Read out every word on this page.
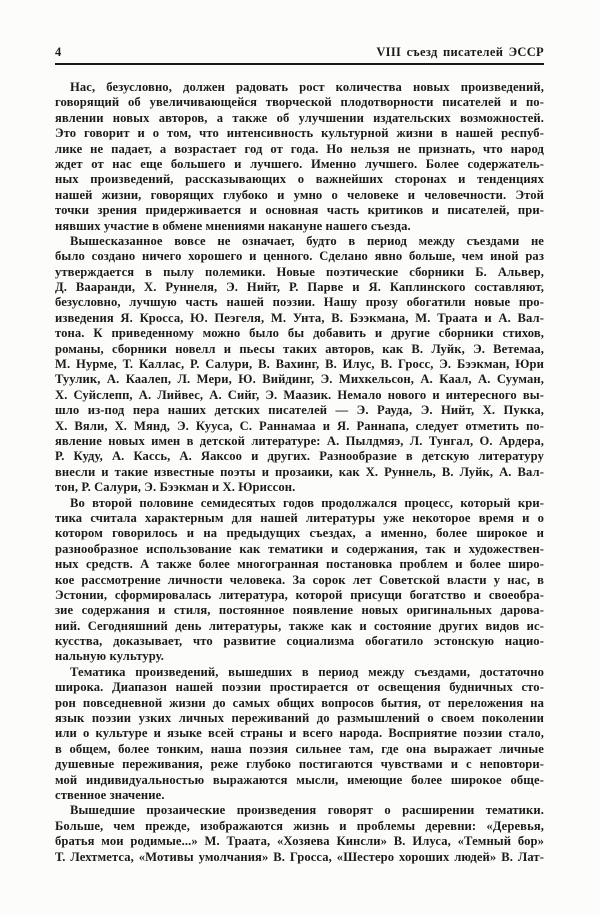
4	VIII съезд писателей ЭССР

Нас, безусловно, должен радовать рост количества новых произведений,
говорящий об увеличивающейся творческой плодотворности писателей и по-
явлении новых авторов, а также об улучшении издательских возможностей.
Это говорит и о том, что интенсивность культурной жизни в нашей респуб-
лике не падает, а возрастает год от года. Но нельзя не признать, что народ
ждет от нас еще большего и лучшего. Именно лучшего. Более содержатель-
ных произведений, рассказывающих о важнейших сторонах и тенденциях
нашей жизни, говорящих глубоко и умно о человеке и человечности. Этой
точки зрения придерживается и основная часть критиков и писателей, при-
нявших участие в обмене мнениями накануне нашего съезда.

Вышесказанное вовсе не означает, будто в период между съездами не
было создано ничего хорошего и ценного. Сделано явно больше, чем иной раз
утверждается в пылу полемики. Новые поэтические сборники Б. Альвер,
Д. Вааранди, Х. Руннеля, Э. Нийт, Р. Парве и Я. Каплинского составляют,
безусловно, лучшую часть нашей поэзии. Нашу прозу обогатили новые про-
изведения Я. Кросса, Ю. Пеэгеля, М. Унта, В. Бээкмана, М. Траата и А. Вал-
тона. К приведенному можно было бы добавить и другие сборники стихов,
романы, сборники новелл и пьесы таких авторов, как В. Луйк, Э. Ветемаа,
М. Нурме, Т. Каллас, Р. Салури, В. Вахинг, В. Илус, В. Гросс, Э. Бээкман, Юри
Туулик, А. Каалеп, Л. Мери, Ю. Вийдинг, Э. Михкельсон, А. Каал, А. Сууман,
Х. Суйслепп, А. Лийвес, А. Сийг, Э. Маазик. Немало нового и интересного вы-
шло из-под пера наших детских писателей — Э. Рауда, Э. Нийт, Х. Пукка,
Х. Вяли, Х. Мянд, Э. Кууса, С. Раннамаа и Я. Раннапа, следует отметить по-
явление новых имен в детской литературе: А. Пылдмяэ, Л. Тунгал, О. Ардера,
Р. Куду, А. Кассь, А. Яаксоо и других. Разнообразие в детскую литературу
внесли и такие известные поэты и прозаики, как Х. Руннель, В. Луйк, А. Вал-
тон, Р. Салури, Э. Бээкман и Х. Юриссон.

Во второй половине семидесятых годов продолжался процесс, который кри-
тика считала характерным для нашей литературы уже некоторое время и о
котором говорилось и на предыдущих съездах, а именно, более широкое и
разнообразное использование как тематики и содержания, так и художествен-
ных средств. А также более многогранная постановка проблем и более широ-
кое рассмотрение личности человека. За сорок лет Советской власти у нас, в
Эстонии, сформировалась литература, которой присущи богатство и своеобра-
зие содержания и стиля, постоянное появление новых оригинальных дарова-
ний. Сегодняшний день литературы, также как и состояние других видов ис-
кусства, доказывает, что развитие социализма обогатило эстонскую нацио-
нальную культуру.

Тематика произведений, вышедших в период между съездами, достаточно
широка. Диапазон нашей поэзии простирается от освещения будничных сто-
рон повседневной жизни до самых общих вопросов бытия, от переложения на
язык поэзии узких личных переживаний до размышлений о своем поколении
или о культуре и языке всей страны и всего народа. Восприятие поэзии стало,
в общем, более тонким, наша поэзия сильнее там, где она выражает личные
душевные переживания, реже глубоко постигаются чувствами и с неповтори-
мой индивидуальностью выражаются мысли, имеющие более широкое обще-
ственное значение.

Вышедшие прозаические произведения говорят о расширении тематики.
Больше, чем прежде, изображаются жизнь и проблемы деревни: «Деревья,
братья мои родимые...» М. Траата, «Хозяева Кинсли» В. Илуса, «Темный бор»
Т. Лехтметса, «Мотивы умолчания» В. Гросса, «Шестеро хороших людей» В. Лат-
